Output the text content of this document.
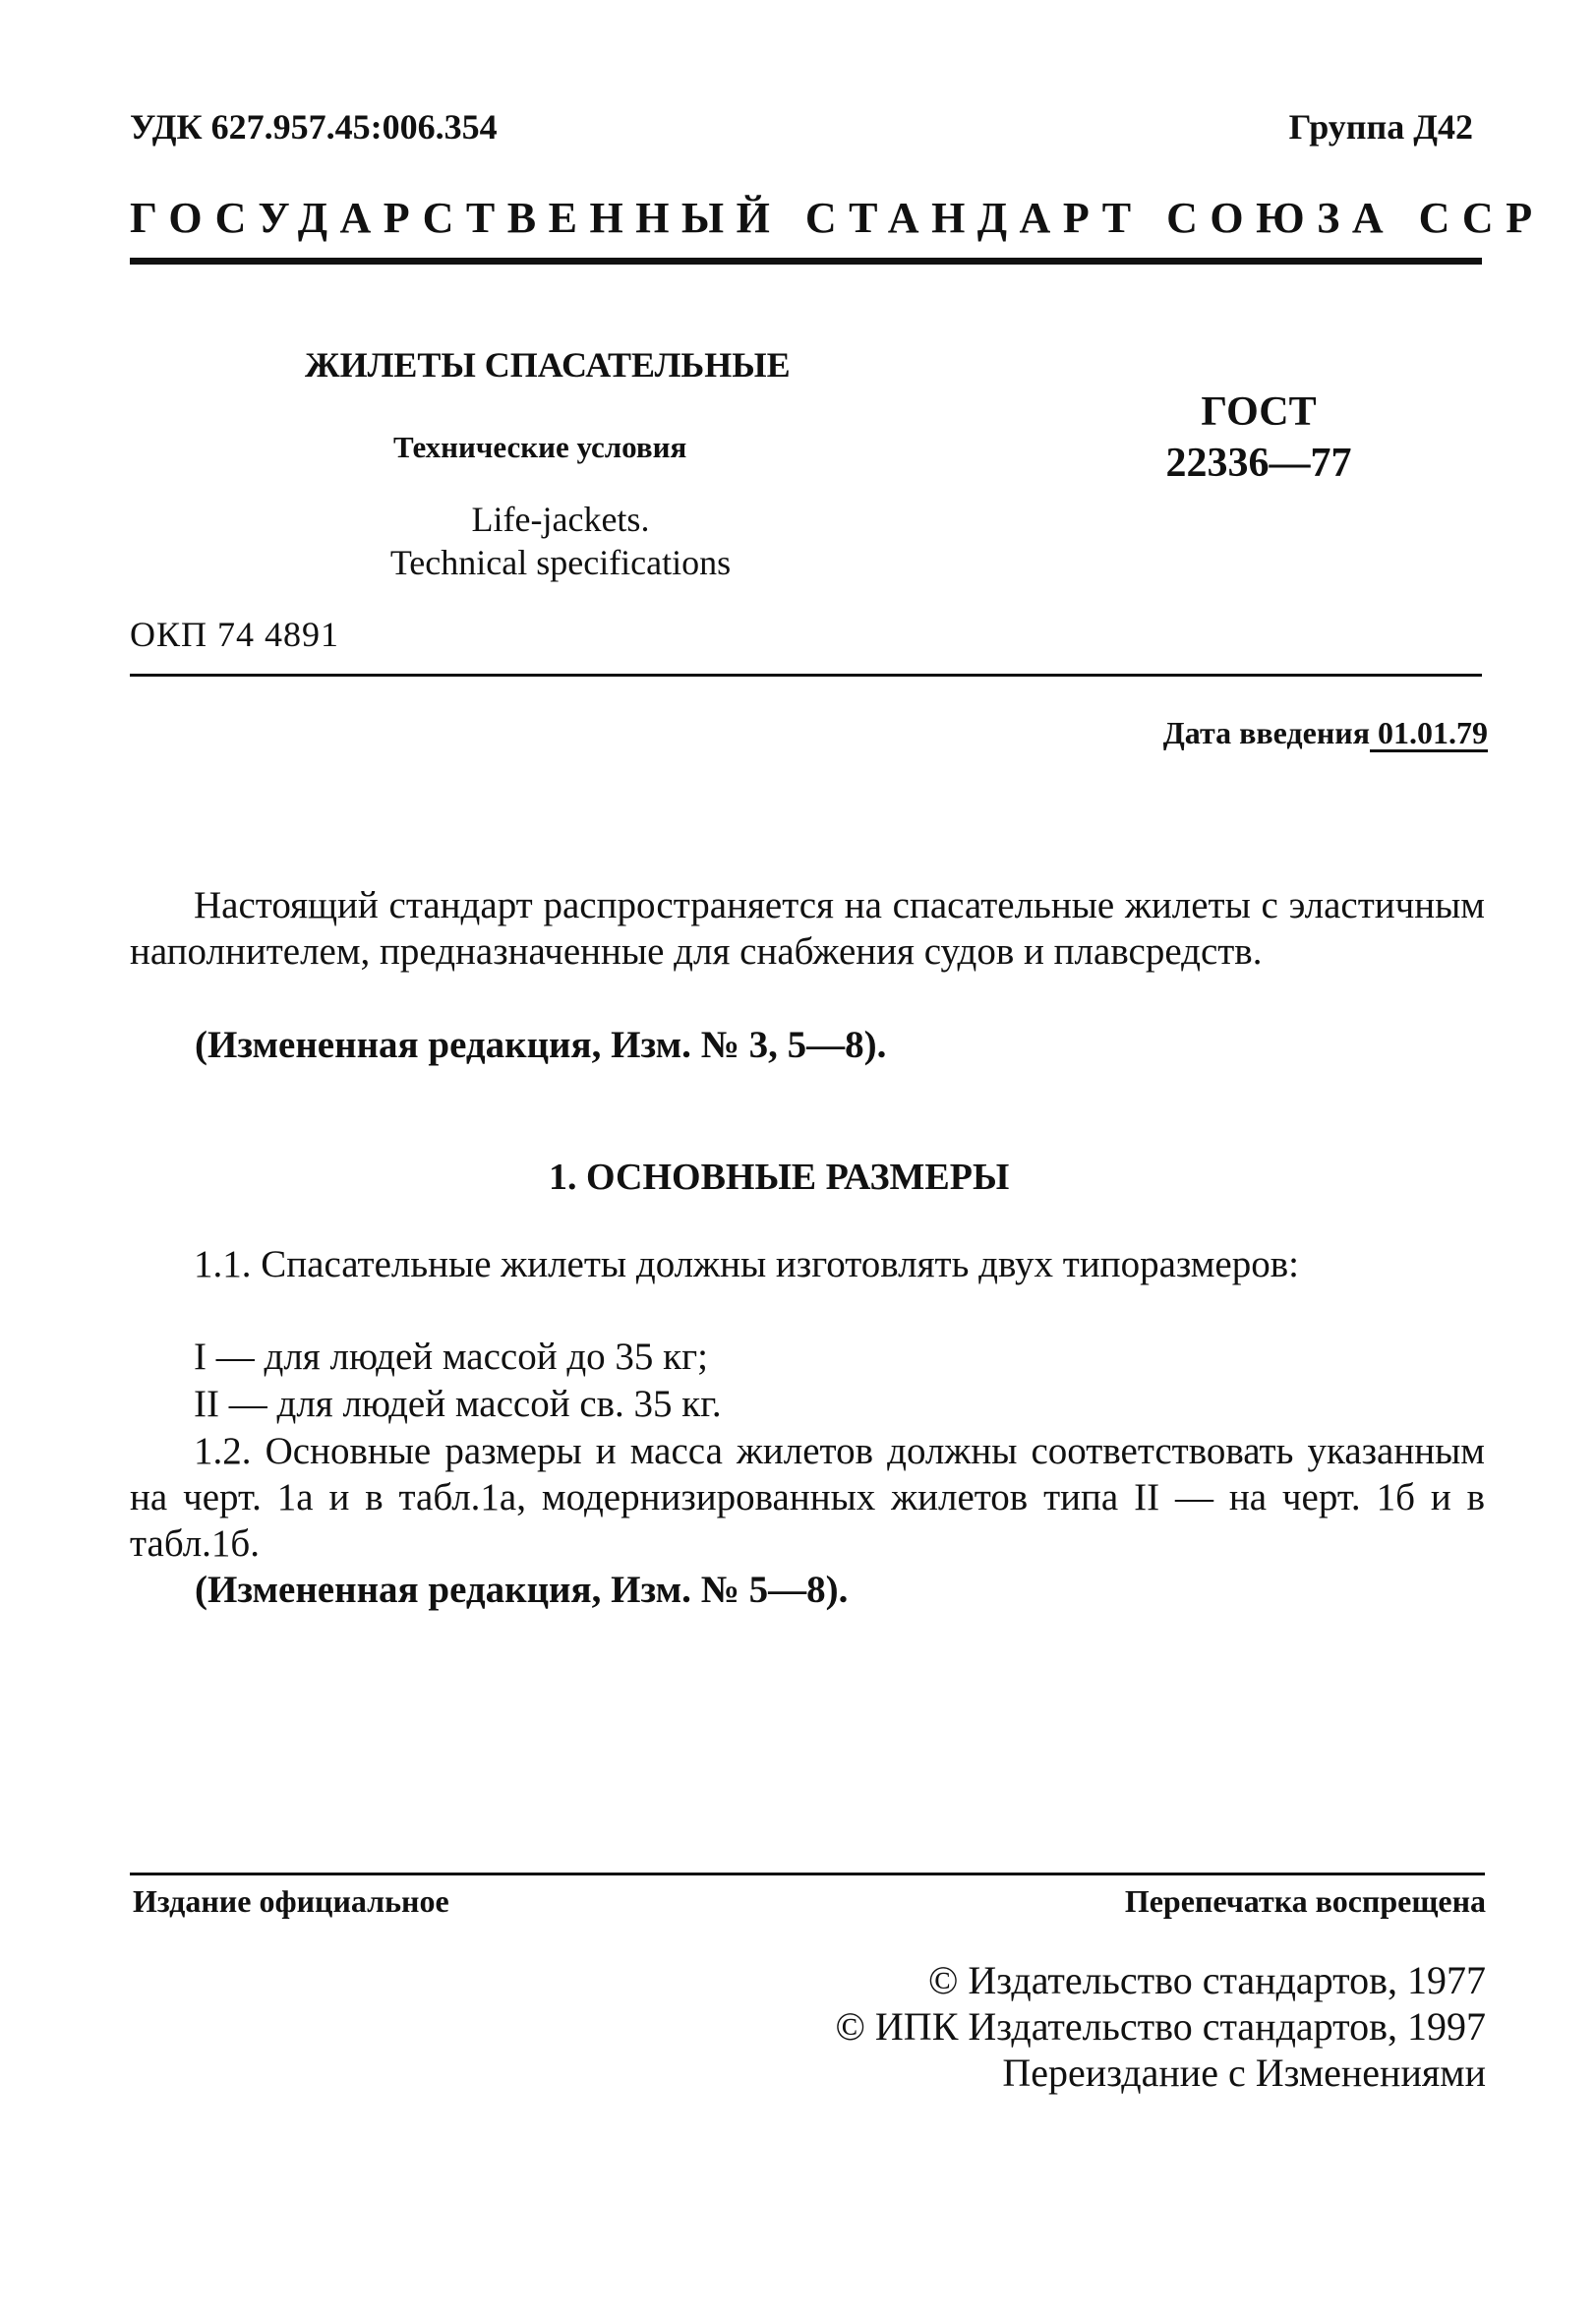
УДК 627.957.45:006.354	Группа Д42
ГОСУДАРСТВЕННЫЙ СТАНДАРТ СОЮЗА ССР
ЖИЛЕТЫ СПАСАТЕЛЬНЫЕ
Технические условия
Life-jackets.
Technical specifications
ГОСТ
22336—77
ОКП 74 4891
Дата введения 01.01.79
Настоящий стандарт распространяется на спасательные жилеты с эластичным наполнителем, предназначенные для снабжения судов и плавсредств.
(Измененная редакция, Изм. № 3, 5—8).
1. ОСНОВНЫЕ РАЗМЕРЫ
1.1. Спасательные жилеты должны изготовлять двух типоразмеров:
I — для людей массой до 35 кг;
II — для людей массой св. 35 кг.
1.2. Основные размеры и масса жилетов должны соответствовать указанным на черт. 1а и в табл.1а, модернизированных жилетов типа II — на черт. 1б и в табл.1б.
(Измененная редакция, Изм. № 5—8).
Издание официальное	Перепечатка воспрещена
© Издательство стандартов, 1977
© ИПК Издательство стандартов, 1997
Переиздание с Изменениями
